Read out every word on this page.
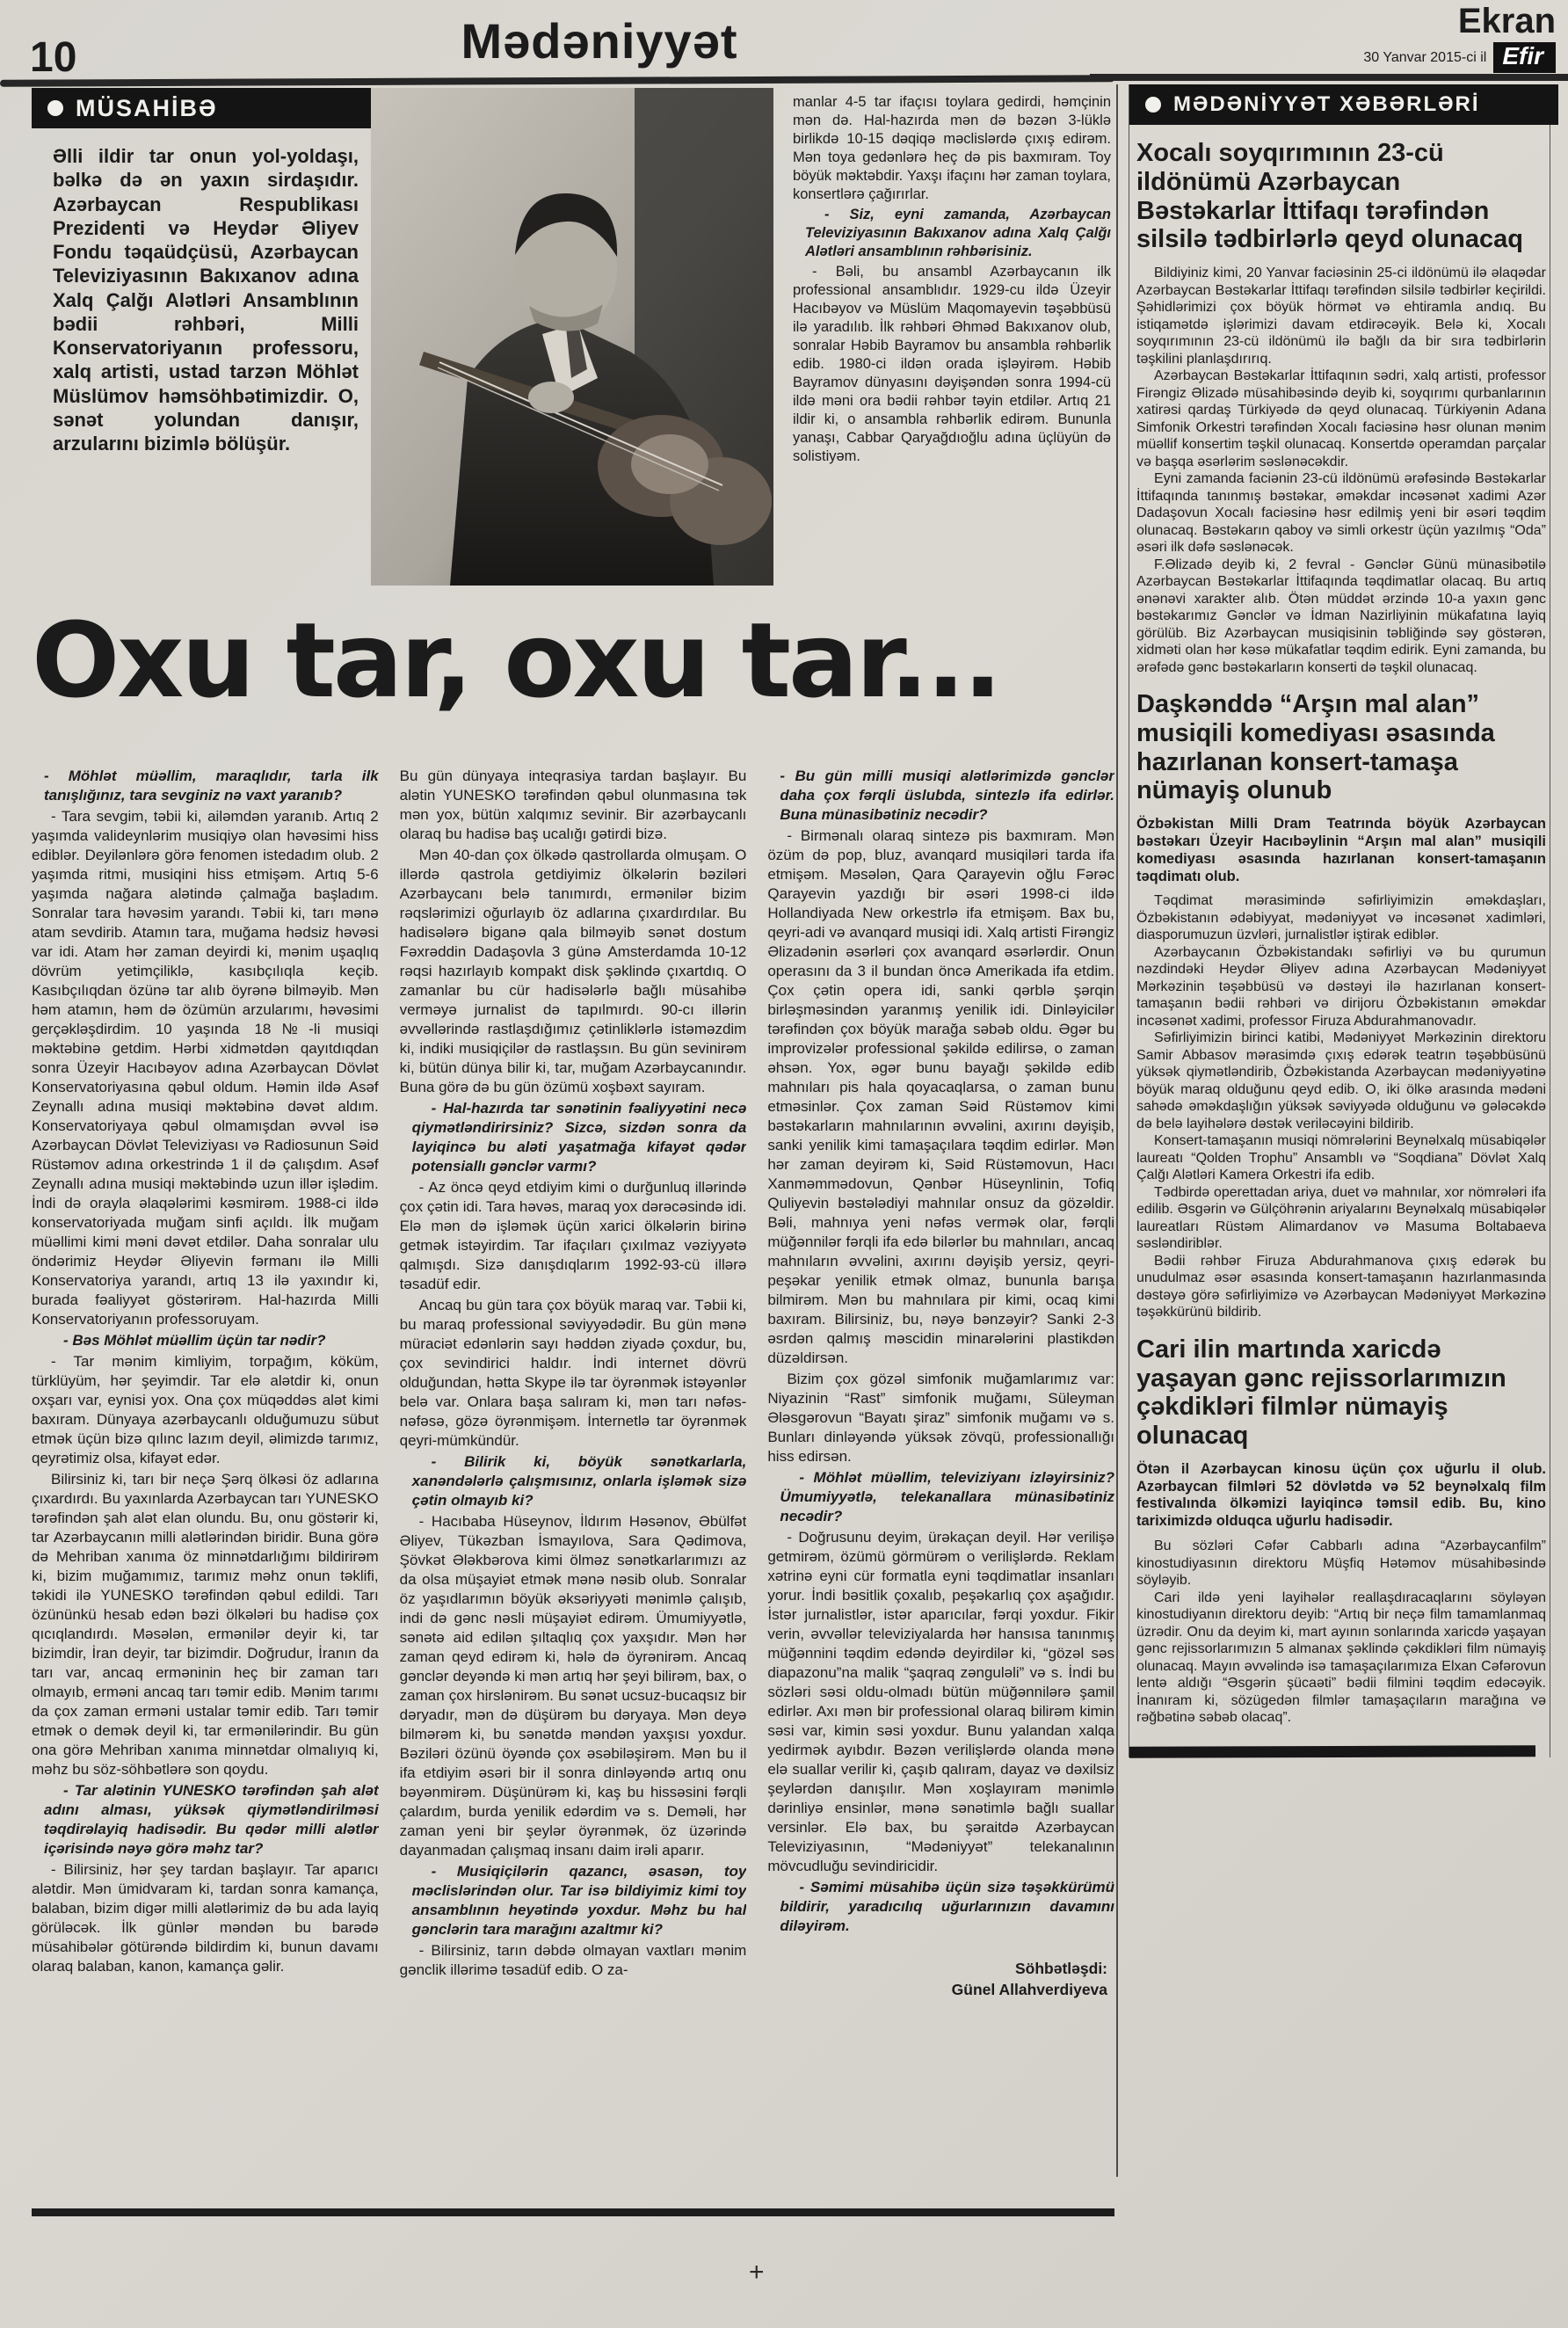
10	Mədəniyyət	Ekran
30 Yanvar 2015-ci il Efir
MÜSAHİBƏ
Əlli ildir tar onun yol-yoldaşı, bəlkə də ən yaxın sirdaşıdır. Azərbaycan Respublikası Prezidenti və Heydər Əliyev Fondu təqaüdçüsü, Azərbaycan Televiziyasının Bakıxanov adına Xalq Çalğı Alətləri Ansamblının bədii rəhbəri, Milli Konservatoriyanın professoru, xalq artisti, ustad tarzən Möhlət Müslümov həmsöhbətimizdir. O, sənət yolundan danışır, arzularını bizimlə bölüşür.

manlar 4-5 tar ifaçısı toylara gedirdi, həmçinin mən də. Hal-hazırda mən də bəzən 3-lüklə birlikdə 10-15 dəqiqə məclislərdə çıxış edirəm. Mən toya gedənlərə heç də pis baxmıram. Toy böyük məktəbdir. Yaxşı ifaçını hər zaman toylara, konsertlərə çağırırlar.

- Siz, eyni zamanda, Azərbaycan Televiziyasının Bakıxanov adına Xalq Çalğı Alətləri ansamblının rəhbərisiniz.

- Bəli, bu ansambl Azərbaycanın ilk professional ansamblıdır. 1929-cu ildə Üzeyir Hacıbəyov və Müslüm Maqomayevin təşəbbüsü ilə yaradılıb. İlk rəhbəri Əhməd Bakıxanov olub, sonralar Həbib Bayramov bu ansambla rəhbərlik edib. 1980-ci ildən orada işləyirəm. Həbib Bayramov dünyasını dəyişəndən sonra 1994-cü ildə məni ora bədii rəhbər təyin etdilər. Artıq 21 ildir ki, o ansambla rəhbərlik edirəm. Bununla yanaşı, Cabbar Qaryağdıoğlu adına üçlüyün də solistiyəm.

Oxu tar, oxu tar...

- Möhlət müəllim, maraqlıdır, tarla ilk tanışlığınız, tara sevginiz nə vaxt yaranıb?

- Tara sevgim, təbii ki, ailəmdən yaranıb. Artıq 2 yaşımda valideynlərim musiqiyə olan həvəsimi hiss ediblər. Deyilənlərə görə fenomen istedadım olub. 2 yaşımda ritmi, musiqini hiss etmişəm. Artıq 5-6 yaşımda nağara alətində çalmağa başladım. Sonralar tara həvəsim yarandı. Təbii ki, tarı mənə atam sevdirib. Atamın tara, muğama hədsiz həvəsi var idi. Atam hər zaman deyirdi ki, mənim uşaqlıq dövrüm yetimçiliklə, kasıbçılıqla keçib. Kasıbçılıqdan özünə tar alıb öyrənə bilməyib. Mən həm atamın, həm də özümün arzularımı, həvəsimi gerçəkləşdirdim. 10 yaşında 18№-li musiqi məktəbinə getdim. Hərbi xidmətdən qayıtdıqdan sonra Üzeyir Hacıbəyov adına Azərbaycan Dövlət Konservatoriyasına qəbul oldum. Həmin ildə Asəf Zeynallı adına musiqi məktəbinə dəvət aldım. Konservatoriyaya qəbul olmamışdan əvvəl isə Azərbaycan Dövlət Televiziyası və Radiosunun Səid Rüstəmov adına orkestrində 1 il də çalışdım. Asəf Zeynallı adına musiqi məktəbində uzun illər işlədim. İndi də orayla əlaqələrimi kəsmirəm. 1988-ci ildə konservatoriyada muğam sinfi açıldı. İlk muğam müəllimi kimi məni dəvət etdilər. Daha sonralar ulu öndərimiz Heydər Əliyevin fərmanı ilə Milli Konservatoriya yarandı, artıq 13 ilə yaxındır ki, burada fəaliyyət göstərirəm. Hal-hazırda Milli Konservatoriyanın professoruyam.

- Bəs Möhlət müəllim üçün tar nədir?

- Tar mənim kimliyim, torpağım, köküm, türklüyüm, hər şeyimdir. Tar elə alətdir ki, onun oxşarı var, eynisi yox. Ona çox müqəddəs alət kimi baxıram. Dünyaya azərbaycanlı olduğumuzu sübut etmək üçün bizə qılınc lazım deyil, əlimizdə tarımız, qeyrətimiz olsa, kifayət edər.

Bilirsiniz ki, tarı bir neçə Şərq ölkəsi öz adlarına çıxardırdı. Bu yaxınlarda Azərbaycan tarı YUNESKO tərəfindən şah alət elan olundu. Bu, onu göstərir ki, tar Azərbaycanın milli alətlərindən biridir. Buna görə də Mehriban xanıma öz minnətdarlığımı bildirirəm ki, bizim muğamımız, tarımız məhz onun təklifi, təkidi ilə YUNESKO tərəfindən qəbul edildi. Tarı özününkü hesab edən bəzi ölkələri bu hadisə çox qıcıqlandırdı. Məsələn, ermənilər deyir ki, tar bizimdir, İran deyir, tar bizimdir. Doğrudur, İranın da tarı var, ancaq erməninin heç bir zaman tarı olmayıb, erməni ancaq tarı təmir edib. Mənim tarımı da çox zaman erməni ustalar təmir edib. Tarı təmir etmək o demək deyil ki, tar ermənilərindir. Bu gün ona görə Mehriban xanıma minnətdar olmalıyıq ki, məhz bu söz-söhbətlərə son qoydu.

- Tar alətinin YUNESKO tərəfindən şah alət adını alması, yüksək qiymətləndirilməsi təqdirəlayiq hadisədir. Bu qədər milli alətlər içərisində nəyə görə məhz tar?

- Bilirsiniz, hər şey tardan başlayır. Tar aparıcı alətdir. Mən ümidvaram ki, tardan sonra kamança, balaban, bizim digər milli alətlərimiz də bu ada layiq görüləcək. İlk günlər məndən bu barədə müsahibələr götürəndə bildirdim ki, bunun davamı olaraq balaban, kanon, kamança gəlir.

Bu gün dünyaya inteqrasiya tardan başlayır. Bu alətin YUNESKO tərəfindən qəbul olunmasına tək mən yox, bütün xalqımız sevinir. Bir azərbaycanlı olaraq bu hadisə baş ucalığı gətirdi bizə.

Mən 40-dan çox ölkədə qastrollarda olmuşam. O illərdə qastrola getdiyimiz ölkələrin bəziləri Azərbaycanı belə tanımırdı, ermənilər bizim rəqslərimizi oğurlayıb öz adlarına çıxardırdılar. Bu hadisələrə biganə qala bilməyib sənət dostum Fəxrəddin Dadaşovla 3 günə Amsterdamda 10-12 rəqsi hazırlayıb kompakt disk şəklində çıxartdıq. O zamanlar bu cür hadisələrlə bağlı müsahibə verməyə jurnalist də tapılmırdı. 90-cı illərin əvvəllərində rastlaşdığımız çətinliklərlə istəməzdim ki, indiki musiqiçilər də rastlaşsın. Bu gün sevinirəm ki, bütün dünya bilir ki, tar, muğam Azərbaycanındır. Buna görə də bu gün özümü xoşbəxt sayıram.

- Hal-hazırda tar sənətinin fəaliyyətini necə qiymətləndirirsiniz? Sizcə, sizdən sonra da layiqincə bu aləti yaşatmağa kifayət qədər potensiallı gənclər varmı?

- Az öncə qeyd etdiyim kimi o durğunluq illərində çox çətin idi. Tara həvəs, maraq yox dərəcəsində idi. Elə mən də işləmək üçün xarici ölkələrin birinə getmək istəyirdim. Tar ifaçıları çıxılmaz vəziyyətə qalmışdı. Sizə danışdıqlarım 1992-93-cü illərə təsadüf edir.

Ancaq bu gün tara çox böyük maraq var. Təbii ki, bu maraq professional səviyyədədir. Bu gün mənə müraciət edənlərin sayı həddən ziyadə çoxdur, bu, çox sevindirici haldır. İndi internet dövrü olduğundan, hətta Skype ilə tar öyrənmək istəyənlər belə var. Onlara başa salıram ki, mən tarı nəfəs-nəfəsə, gözə öyrənmişəm. İnternetlə tar öyrənmək qeyri-mümkündür.

- Bilirik ki, böyük sənətkarlarla, xanəndələrlə çalışmısınız, onlarla işləmək sizə çətin olmayıb ki?

- Hacıbaba Hüseynov, İldırım Həsənov, Əbülfət Əliyev, Tükəzban İsmayılova, Sara Qədimova, Şövkət Ələkbərova kimi ölməz sənətkarlarımızı az da olsa müşayiət etmək mənə nəsib olub. Sonralar öz yaşıdlarımın böyük əksəriyyəti mənimlə çalışıb, indi də gənc nəsli müşayiət edirəm. Ümumiyyətlə, sənətə aid edilən şıltaqlıq çox yaxşıdır. Mən hər zaman qeyd edirəm ki, hələ də öyrənirəm. Ancaq gənclər deyəndə ki mən artıq hər şeyi bilirəm, bax, o zaman çox hirslənirəm. Bu sənət ucsuz-bucaqsız bir dəryadır, mən də düşürəm bu dəryaya. Mən deyə bilmərəm ki, bu sənətdə məndən yaxşısı yoxdur. Bəziləri özünü öyəndə çox əsəbiləşirəm. Mən bu il ifa etdiyim əsəri bir il sonra dinləyəndə artıq onu bəyənmirəm. Düşünürəm ki, kaş bu hissəsini fərqli çalardım, burda yenilik edərdim və s. Deməli, hər zaman yeni bir şeylər öyrənmək, öz üzərində dayanmadan çalışmaq insanı daim irəli aparır.

- Musiqiçilərin qazancı, əsasən, toy məclislərindən olur. Tar isə bildiyimiz kimi toy ansamblının heyətində yoxdur. Məhz bu hal gənclərin tara marağını azaltmır ki?

- Bilirsiniz, tarın dəbdə olmayan vaxtları mənim gənclik illərimə təsadüf edib. O za-

- Bu gün milli musiqi alətlərimizdə gənclər daha çox fərqli üslubda, sintezlə ifa edirlər. Buna münasibətiniz necədir?

- Birmənalı olaraq sintezə pis baxmıram. Mən özüm də pop, bluz, avanqard musiqiləri tarda ifa etmişəm. Məsələn, Qara Qarayevin oğlu Fərəc Qarayevin yazdığı bir əsəri 1998-ci ildə Hollandiyada New orkestrlə ifa etmişəm. Bax bu, qeyri-adi və avanqard musiqi idi. Xalq artisti Firəngiz Əlizadənin əsərləri çox avanqard əsərlərdir. Onun operasını da 3 il bundan öncə Amerikada ifa etdim. Çox çətin opera idi, sanki qərblə şərqin birləşməsindən yaranmış yenilik idi. Dinləyicilər tərəfindən çox böyük marağa səbəb oldu. Əgər bu improvizələr professional şəkildə edilirsə, o zaman əhsən. Yox, əgər bunu bayağı şəkildə edib mahnıları pis hala qoyacaqlarsa, o zaman bunu etməsinlər. Çox zaman Səid Rüstəmov kimi bəstəkarların mahnılarının əvvəlini, axırını dəyişib, sanki yenilik kimi tamaşaçılara təqdim edirlər. Mən hər zaman deyirəm ki, Səid Rüstəmovun, Hacı Xanməmmədovun, Qənbər Hüseynlinin, Tofiq Quliyevin bəstələdiyi mahnılar onsuz da gözəldir. Bəli, mahnıya yeni nəfəs vermək olar, fərqli müğənnilər fərqli ifa edə bilərlər bu mahnıları, ancaq mahnıların əvvəlini, axırını dəyişib yersiz, qeyri-peşəkar yenilik etmək olmaz, bununla barışa bilmirəm. Mən bu mahnılara pir kimi, ocaq kimi baxıram. Bilirsiniz, bu, nəyə bənzəyir? Sanki 2-3 əsrdən qalmış məscidin minarələrini plastikdən düzəldirsən.

Bizim çox gözəl simfonik muğamlarımız var: Niyazinin “Rast” simfonik muğamı, Süleyman Ələsgərovun “Bayatı şiraz” simfonik muğamı və s. Bunları dinləyəndə yüksək zövqü, professionallığı hiss edirsən.

- Möhlət müəllim, televiziyanı izləyirsiniz? Ümumiyyətlə, telekanallara münasibətiniz necədir?

- Doğrusunu deyim, ürəkaçan deyil. Hər verilişə getmirəm, özümü görmürəm o verilişlərdə. Reklam xətrinə eyni cür formatla eyni təqdimatlar insanları yorur. İndi bəsitlik çoxalıb, peşəkarlıq çox aşağıdır. İstər jurnalistlər, istər aparıcılar, fərqi yoxdur. Fikir verin, əvvəllər televiziyalarda hər hansısa tanınmış müğənnini təqdim edəndə deyirdilər ki, “gözəl səs diapazonu”na malik “şaqraq zənguləli” və s. İndi bu sözləri səsi oldu-olmadı bütün müğənnilərə şamil edirlər. Axı mən bir professional olaraq bilirəm kimin səsi var, kimin səsi yoxdur. Bunu yalandan xalqa yedirmək ayıbdır. Bəzən verilişlərdə olanda mənə elə suallar verilir ki, çaşıb qalıram, dayaz və dəxilsiz şeylərdən danışılır. Mən xoşlayıram mənimlə dərinliyə ensinlər, mənə sənətimlə bağlı suallar versinlər. Elə bax, bu şəraitdə Azərbaycan Televiziyasının, “Mədəniyyət” telekanalının mövcudluğu sevindiricidir.

- Səmimi müsahibə üçün sizə təşəkkürümü bildirir, yaradıcılıq uğurlarınızın davamını diləyirəm.

Söhbətləşdi:
Günel Allahverdiyeva
MƏDƏNİYYƏT XƏBƏRLƏRİ
Xocalı soyqırımının 23-cü ildönümü Azərbaycan Bəstəkarlar İttifaqı tərəfindən silsilə tədbirlərlə qeyd olunacaq

Bildiyiniz kimi, 20 Yanvar faciəsinin 25-ci ildönümü ilə əlaqədar Azərbaycan Bəstəkarlar İttifaqı tərəfindən silsilə tədbirlər keçirildi. Şəhidlərimizi çox böyük hörmət və ehtiramla andıq. Bu istiqamətdə işlərimizi davam etdirəcəyik. Belə ki, Xocalı soyqırımının 23-cü ildönümü ilə bağlı da bir sıra tədbirlərin təşkilini planlaşdırırıq.

Azərbaycan Bəstəkarlar İttifaqının sədri, xalq artisti, professor Firəngiz Əlizadə müsahibəsində deyib ki, soyqırımı qurbanlarının xatirəsi qardaş Türkiyədə də qeyd olunacaq. Türkiyənin Adana Simfonik Orkestri tərəfindən Xocalı faciəsinə həsr olunan mənim müəllif konsertim təşkil olunacaq. Konsertdə operamdan parçalar və başqa əsərlərim səslənəcəkdir.

Eyni zamanda faciənin 23-cü ildönümü ərəfəsində Bəstəkarlar İttifaqında tanınmış bəstəkar, əməkdar incəsənət xadimi Azər Dadaşovun Xocalı faciəsinə həsr edilmiş yeni bir əsəri təqdim olunacaq. Bəstəkarın qaboy və simli orkestr üçün yazılmış “Oda” əsəri ilk dəfə səslənəcək.

F.Əlizadə deyib ki, 2 fevral - Gənclər Günü münasibətilə Azərbaycan Bəstəkarlar İttifaqında təqdimatlar olacaq. Bu artıq ənənəvi xarakter alıb. Ötən müddət ərzində 10-a yaxın gənc bəstəkarımız Gənclər və İdman Nazirliyinin mükafatına layiq görülüb. Biz Azərbaycan musiqisinin təbliğində səy göstərən, xidməti olan hər kəsə mükafatlar təqdim edirik. Eyni zamanda, bu ərəfədə gənc bəstəkarların konserti də təşkil olunacaq.

Daşkənddə “Arşın mal alan” musiqili komediyası əsasında hazırlanan konsert-tamaşa nümayiş olunub
Özbəkistan Milli Dram Teatrında böyük Azərbaycan bəstəkarı Üzeyir Hacıbəylinin “Arşın mal alan” musiqili komediyası əsasında hazırlanan konsert-tamaşanın təqdimatı olub.

Təqdimat mərasimində səfirliyimizin əməkdaşları, Özbəkistanın ədəbiyyat, mədəniyyət və incəsənət xadimləri, diasporumuzun üzvləri, jurnalistlər iştirak ediblər.

Azərbaycanın Özbəkistandakı səfirliyi və bu qurumun nəzdindəki Heydər Əliyev adına Azərbaycan Mədəniyyət Mərkəzinin təşəbbüsü və dəstəyi ilə hazırlanan konsert-tamaşanın bədii rəhbəri və dirijoru Özbəkistanın əməkdar incəsənət xadimi, professor Firuza Abdurahmanovadır.

Səfirliyimizin birinci katibi, Mədəniyyət Mərkəzinin direktoru Samir Abbasov mərasimdə çıxış edərək teatrın təşəbbüsünü yüksək qiymətləndirib, Özbəkistanda Azərbaycan mədəniyyətinə böyük maraq olduğunu qeyd edib. O, iki ölkə arasında mədəni sahədə əməkdaşlığın yüksək səviyyədə olduğunu və gələcəkdə də belə layihələrə dəstək veriləcəyini bildirib.

Konsert-tamaşanın musiqi nömrələrini Beynəlxalq müsabiqələr laureatı “Qolden Trophu” Ansamblı və “Soqdiana” Dövlət Xalq Çalğı Alətləri Kamera Orkestri ifa edib.

Tədbirdə operettadan ariya, duet və mahnılar, xor nömrələri ifa edilib. Əsgərin və Gülçöhrənin ariyalarını Beynəlxalq müsabiqələr laureatları Rüstəm Alimardanov və Masuma Boltabaeva səsləndiriblər.

Bədii rəhbər Firuza Abdurahmanova çıxış edərək bu unudulmaz əsər əsasında konsert-tamaşanın hazırlanmasında dəstəyə görə səfirliyimizə və Azərbaycan Mədəniyyət Mərkəzinə təşəkkürünü bildirib.

Cari ilin martında xaricdə yaşayan gənc rejissorlarımızın çəkdikləri filmlər nümayiş olunacaq
Ötən il Azərbaycan kinosu üçün çox uğurlu il olub. Azərbaycan filmləri 52 dövlətdə və 52 beynəlxalq film festivalında ölkəmizi layiqincə təmsil edib. Bu, kino tariximizdə olduqca uğurlu hadisədir.

Bu sözləri Cəfər Cabbarlı adına “Azərbaycanfilm” kinostudiyasının direktoru Müşfiq Hətəmov müsahibəsində söyləyib.

Cari ildə yeni layihələr reallaşdıracaqlarını söyləyən kinostudiyanın direktoru deyib: “Artıq bir neçə film tamamlanmaq üzrədir. Onu da deyim ki, mart ayının sonlarında xaricdə yaşayan gənc rejissorlarımızın 5 almanax şəklində çəkdikləri film nümayiş olunacaq. Mayın əvvəlində isə tamaşaçılarımıza Elxan Cəfərovun lentə aldığı “Əsgərin şücaəti” bədii filmini təqdim edəcəyik. İnanıram ki, sözügedən filmlər tamaşaçıların marağına və rəğbətinə səbəb olacaq”.

+
